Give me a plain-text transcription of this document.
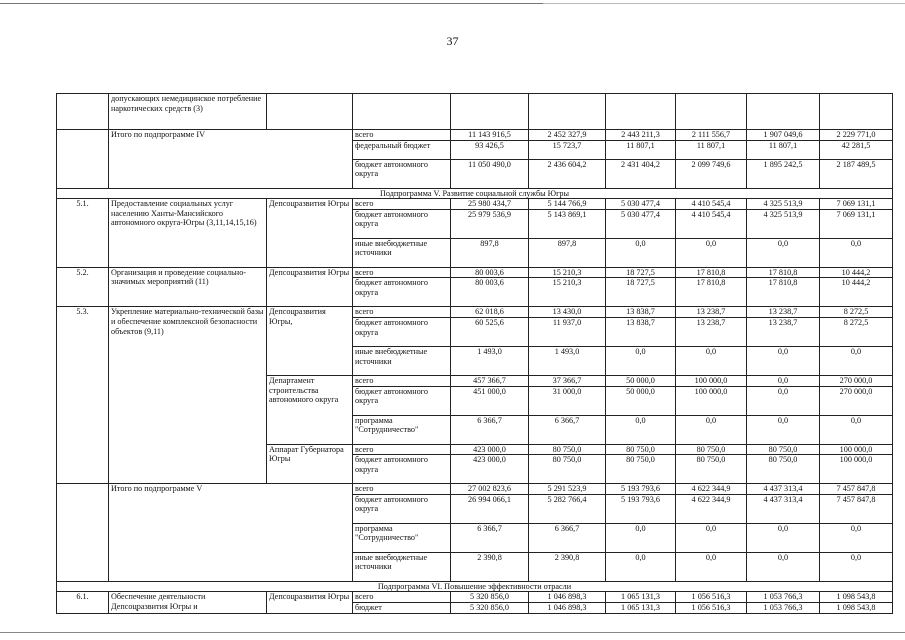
37
	допускающих немедицинское потребление наркотических средств (3)								
	Итого по подпрограмме IV		всего	11 143 916,5	2 452 327,9	2 443 211,3	2 111 556,7	1 907 049,6	2 229 771,0
			федеральный бюджет	93 426,5	15 723,7	11 807,1	11 807,1	11 807,1	42 281,5
			бюджет автономного округа	11 050 490,0	2 436 604,2	2 431 404,2	2 099 749,6	1 895 242,5	2 187 489,5
Подпрограмма V. Развитие социальной службы Югры									
5.1.	Предоставление социальных услуг населению Ханты-Мансийского автономного округа-Югры (3,11,14,15,16)	Депсоцразвития Югры	всего	25 980 434,7	5 144 766,9	5 030 477,4	4 410 545,4	4 325 513,9	7 069 131,1
			бюджет автономного округа	25 979 536,9	5 143 869,1	5 030 477,4	4 410 545,4	4 325 513,9	7 069 131,1
			иные внебюджетные источники	897,8	897,8	0,0	0,0	0,0	0,0
5.2.	Организация и проведение социально-значимых мероприятий (11)	Депсоцразвития Югры	всего	80 003,6	15 210,3	18 727,5	17 810,8	17 810,8	10 444,2
			бюджет автономного округа	80 003,6	15 210,3	18 727,5	17 810,8	17 810,8	10 444,2
5.3.	Укрепление материально-технической базы и обеспечение комплексной безопасности объектов (9,11)	Депсоцразвития Югры,	всего	62 018,6	13 430,0	13 838,7	13 238,7	13 238,7	8 272,5
			бюджет автономного округа	60 525,6	11 937,0	13 838,7	13 238,7	13 238,7	8 272,5
			иные внебюджетные источники	1 493,0	1 493,0	0,0	0,0	0,0	0,0
		Департамент строительства автономного округа	всего	457 366,7	37 366,7	50 000,0	100 000,0	0,0	270 000,0
			бюджет автономного округа	451 000,0	31 000,0	50 000,0	100 000,0	0,0	270 000,0
			программа "Сотрудничество"	6 366,7	6 366,7	0,0	0,0	0,0	0,0
		Аппарат Губернатора Югры	всего	423 000,0	80 750,0	80 750,0	80 750,0	80 750,0	100 000,0
			бюджет автономного округа	423 000,0	80 750,0	80 750,0	80 750,0	80 750,0	100 000,0
	Итого по подпрограмме V		всего	27 002 823,6	5 291 523,9	5 193 793,6	4 622 344,9	4 437 313,4	7 457 847,8
			бюджет автономного округа	26 994 066,1	5 282 766,4	5 193 793,6	4 622 344,9	4 437 313,4	7 457 847,8
			программа "Сотрудничество"	6 366,7	6 366,7	0,0	0,0	0,0	0,0
			иные внебюджетные источники	2 390,8	2 390,8	0,0	0,0	0,0	0,0
Подпрограмма VI. Повышение эффективности отрасли									
6.1.	Обеспечение деятельности Депсоцразвития Югры и	Депсоцразвития Югры	всего	5 320 856,0	1 046 898,3	1 065 131,3	1 056 516,3	1 053 766,3	1 098 543,8
			бюджет	5 320 856,0	1 046 898,3	1 065 131,3	1 056 516,3	1 053 766,3	1 098 543,8
